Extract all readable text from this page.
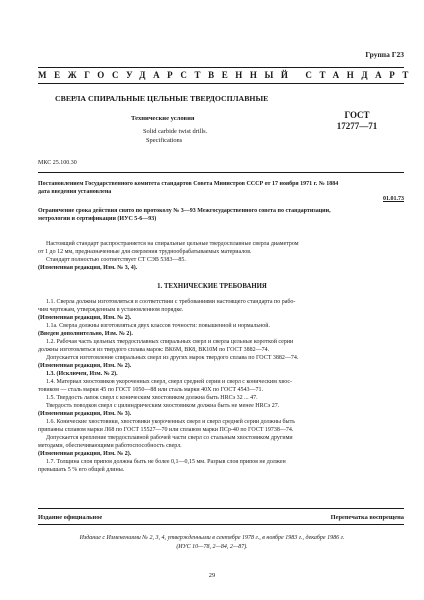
Группа Г23
МЕЖГОСУДАРСТВЕННЫЙ СТАНДАРТ
СВЕРЛА СПИРАЛЬНЫЕ ЦЕЛЬНЫЕ ТВЕРДОСПЛАВНЫЕ
Технические условия
Solid carbide twist drills.
Specifications
ГОСТ
17277—71
МКС 25.100.30

Постановлением Государственного комитета стандартов Совета Министров СССР от 17 ноября 1971 г. № 1884

дата введения установлена

01.01.73

Ограничение срока действия снято по протоколу № 3—93 Межгосударственного совета по стандартизации,

метрологии и сертификации (ИУС 5-6—93)

Настоящий стандарт распространяется на спиральные цельные твердосплавные сверла диаметром

от 1 до 12 мм, предназначенные для сверления труднообрабатываемых материалов.

Стандарт полностью соответствует СТ СЭВ 5383—85.

(Измененная редакция, Изм. № 3, 4).

1. ТЕХНИЧЕСКИЕ ТРЕБОВАНИЯ

1.1. Сверла должны изготовляться в соответствии с требованиями настоящего стандарта по рабо-

чим чертежам, утвержденным в установленном порядке.

(Измененная редакция, Изм. № 2).

1.1а. Сверла должны изготовляться двух классов точности: повышенной и нормальной.

(Введен дополнительно, Изм. № 2).

1.2. Рабочая часть цельных твердосплавных спиральных сверл и сверла цельные короткой серии

должны изготовляться из твердого сплава марок: ВК6М, ВК8, ВК10М по ГОСТ 3882—74.

Допускается изготовление спиральных сверл из других марок твердого сплава по ГОСТ 3882—74.

(Измененная редакция, Изм. № 2).

1.3. (Исключен, Изм. № 2).

1.4. Материал хвостовиков укороченных сверл, сверл средней серии и сверл с коническим хвос-

товиком — сталь марки 45 по ГОСТ 1050—88 или сталь марки 40Х по ГОСТ 4543—71.

1.5. Твердость лапок сверл с коническим хвостовиком должна быть HRCэ 32 ... 47.

Твердость поводков сверл с цилиндрическим хвостовиком должна быть не менее HRCэ 27.

(Измененная редакция, Изм. № 3).

1.6. Конические хвостовики, хвостовики укороченных сверл и сверл средней серии должны быть

припаяны сплавом марки Л68 по ГОСТ 15527—70 или сплавом марки ПСр-40 по ГОСТ 19738—74.

Допускается крепление твердосплавной рабочей части сверл со стальным хвостовиком другими

методами, обеспечивающими работоспособность сверл.

(Измененная редакция, Изм. № 2).

1.7. Толщина слоя припоя должна быть не более 0,1—0,15 мм. Разрыв слоя припоя не должен

превышать 5 % его общей длины.

Издание официальное	Перепечатка воспрещена
Издание с Изменениями № 2, 3, 4, утвержденными в сентябре 1978 г., в ноябре 1983 г., декабре 1986 г.
(ИУС 10—78, 2—84, 2—87).
29
